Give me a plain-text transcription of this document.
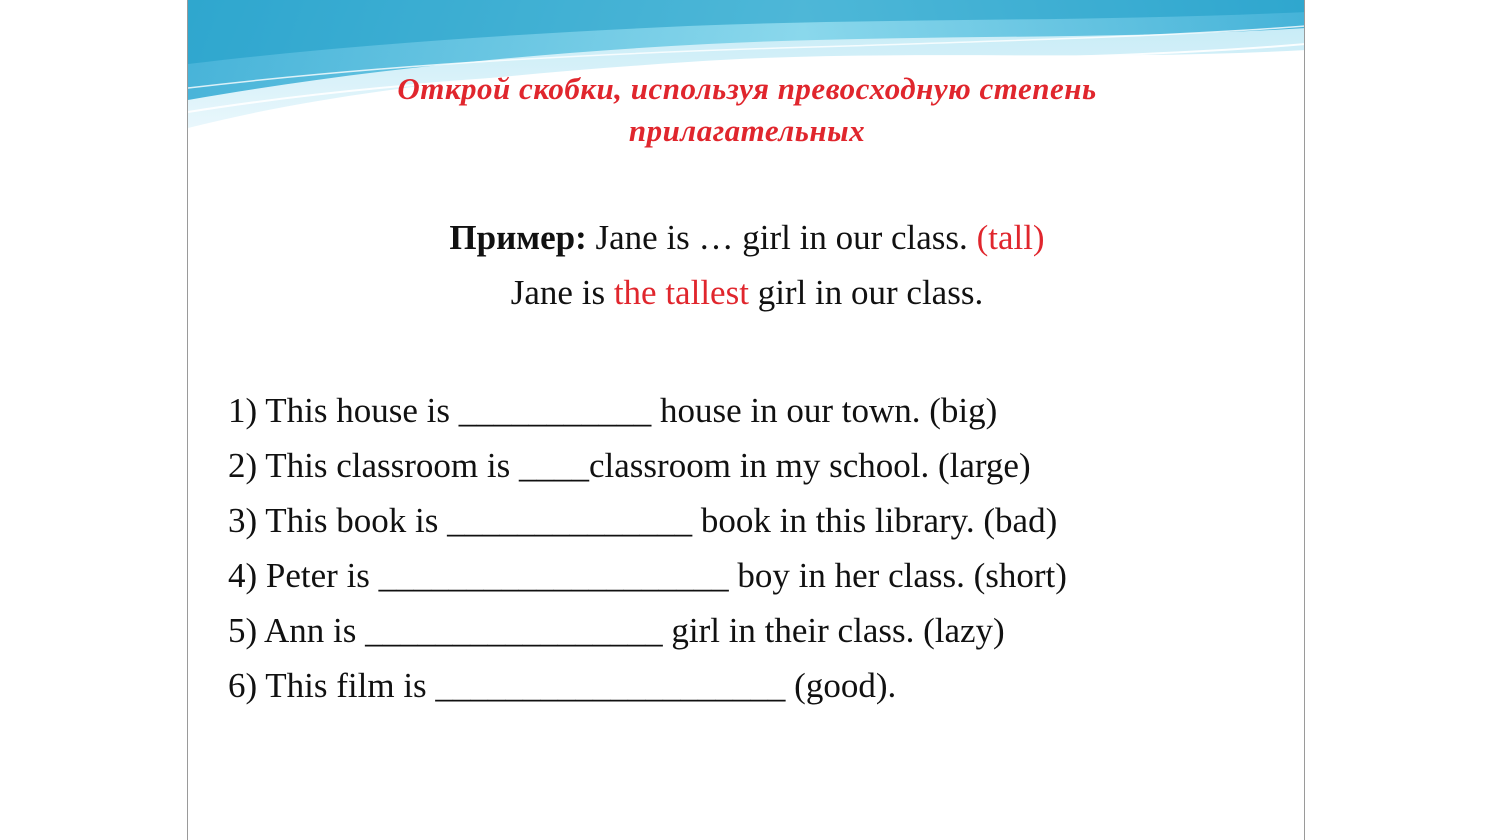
Открой скобки, используя превосходную степень
прилагательных
Пример: Jane is … girl in our class. (tall)
Jane is the tallest girl in our class.
1) This house is ___________ house in our town. (big)
2) This classroom is ____classroom in my school. (large)
3) This book is ______________ book in this library. (bad)
4) Peter is ____________________ boy in her class. (short)
5) Ann is _________________ girl in their class. (lazy)
6) This film is ____________________ (good).
